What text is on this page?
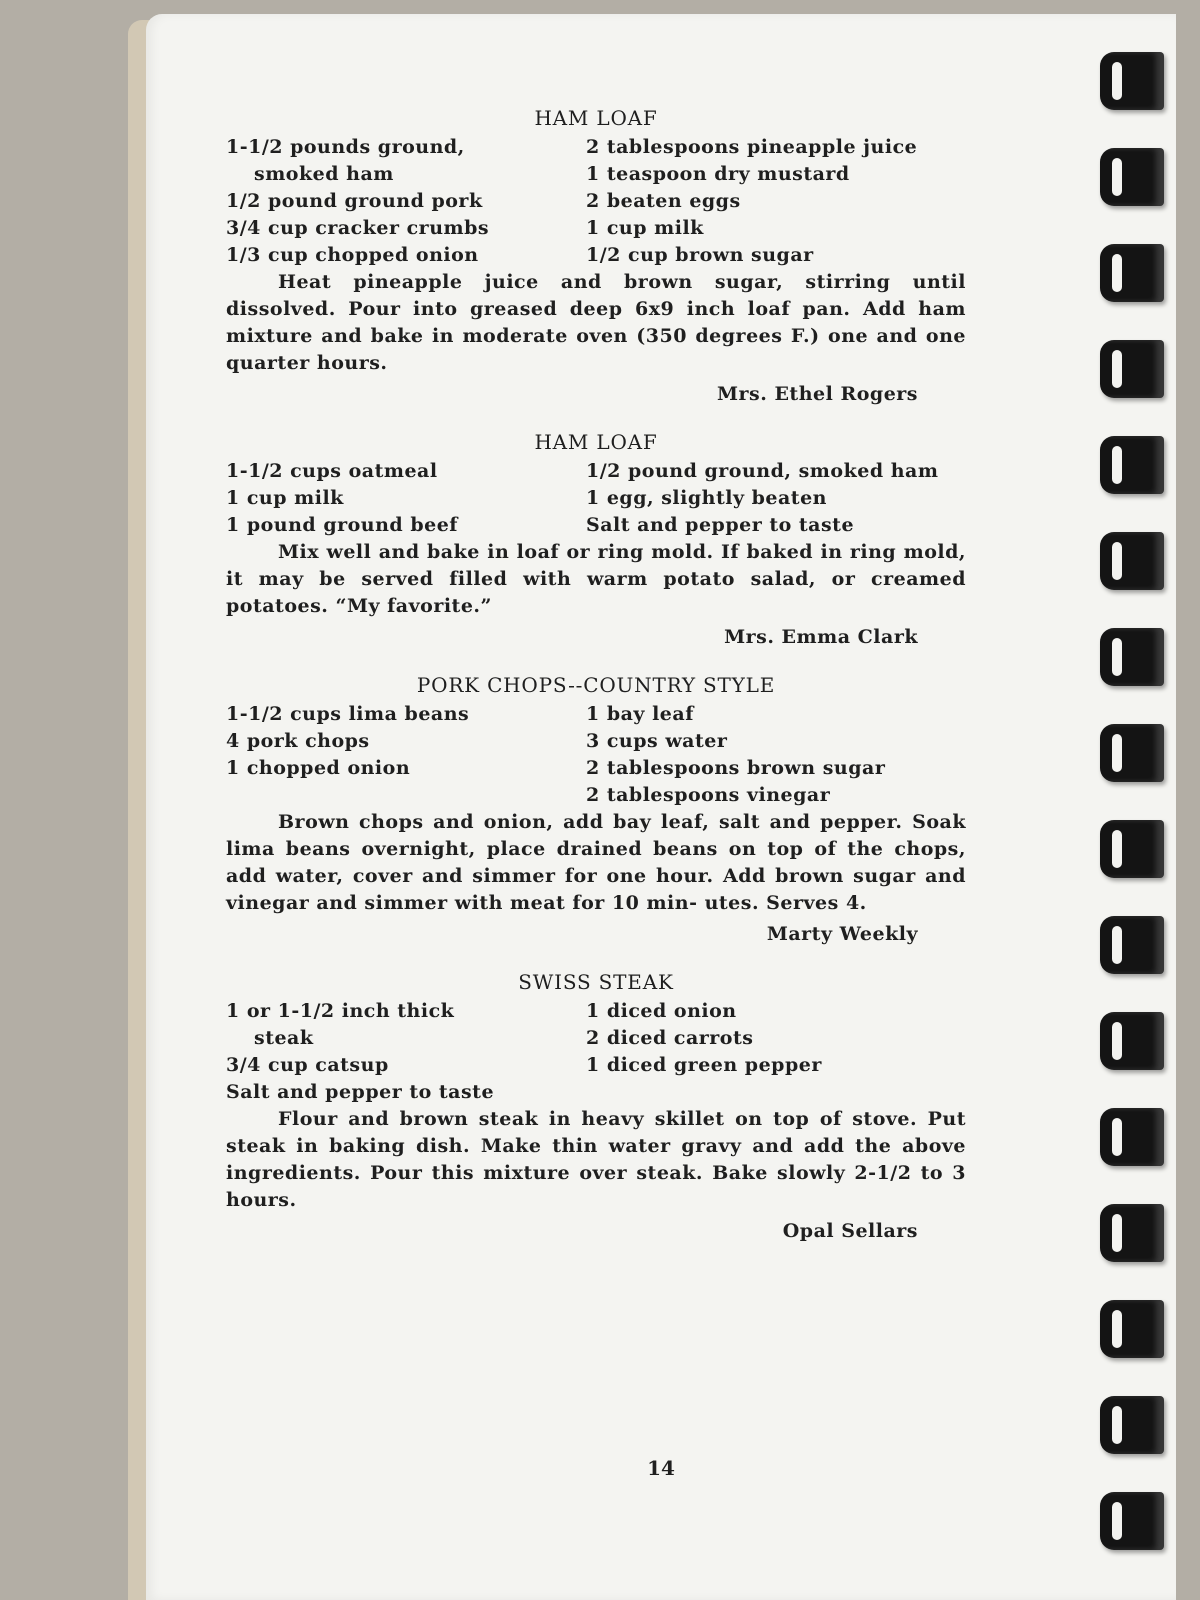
HAM LOAF
1-1/2 pounds ground,
smoked ham
1/2 pound ground pork
3/4 cup cracker crumbs
1/3 cup chopped onion
2 tablespoons pineapple juice
1 teaspoon dry mustard
2 beaten eggs
1 cup milk
1/2 cup brown sugar

Heat pineapple juice and brown sugar, stirring until dissolved. Pour into greased deep 6x9 inch loaf pan. Add ham mixture and bake in moderate oven (350 degrees F.) one and one quarter hours.

Mrs. Ethel Rogers
HAM LOAF
1-1/2 cups oatmeal
1 cup milk
1 pound ground beef
1/2 pound ground, smoked ham
1 egg, slightly beaten
Salt and pepper to taste

Mix well and bake in loaf or ring mold. If baked in ring mold, it may be served filled with warm potato salad, or creamed potatoes. “My favorite.”

Mrs. Emma Clark
PORK CHOPS--COUNTRY STYLE
1-1/2 cups lima beans
4 pork chops
1 chopped onion
1 bay leaf
3 cups water
2 tablespoons brown sugar
2 tablespoons vinegar

Brown chops and onion, add bay leaf, salt and pepper. Soak lima beans overnight, place drained beans on top of the chops, add water, cover and simmer for one hour. Add brown sugar and vinegar and simmer with meat for 10 min- utes. Serves 4.

Marty Weekly
SWISS STEAK
1 or 1-1/2 inch thick
steak
3/4 cup catsup
Salt and pepper to taste
1 diced onion
2 diced carrots
1 diced green pepper

Flour and brown steak in heavy skillet on top of stove. Put steak in baking dish. Make thin water gravy and add the above ingredients. Pour this mixture over steak. Bake slowly 2-1/2 to 3 hours.

Opal Sellars
14
